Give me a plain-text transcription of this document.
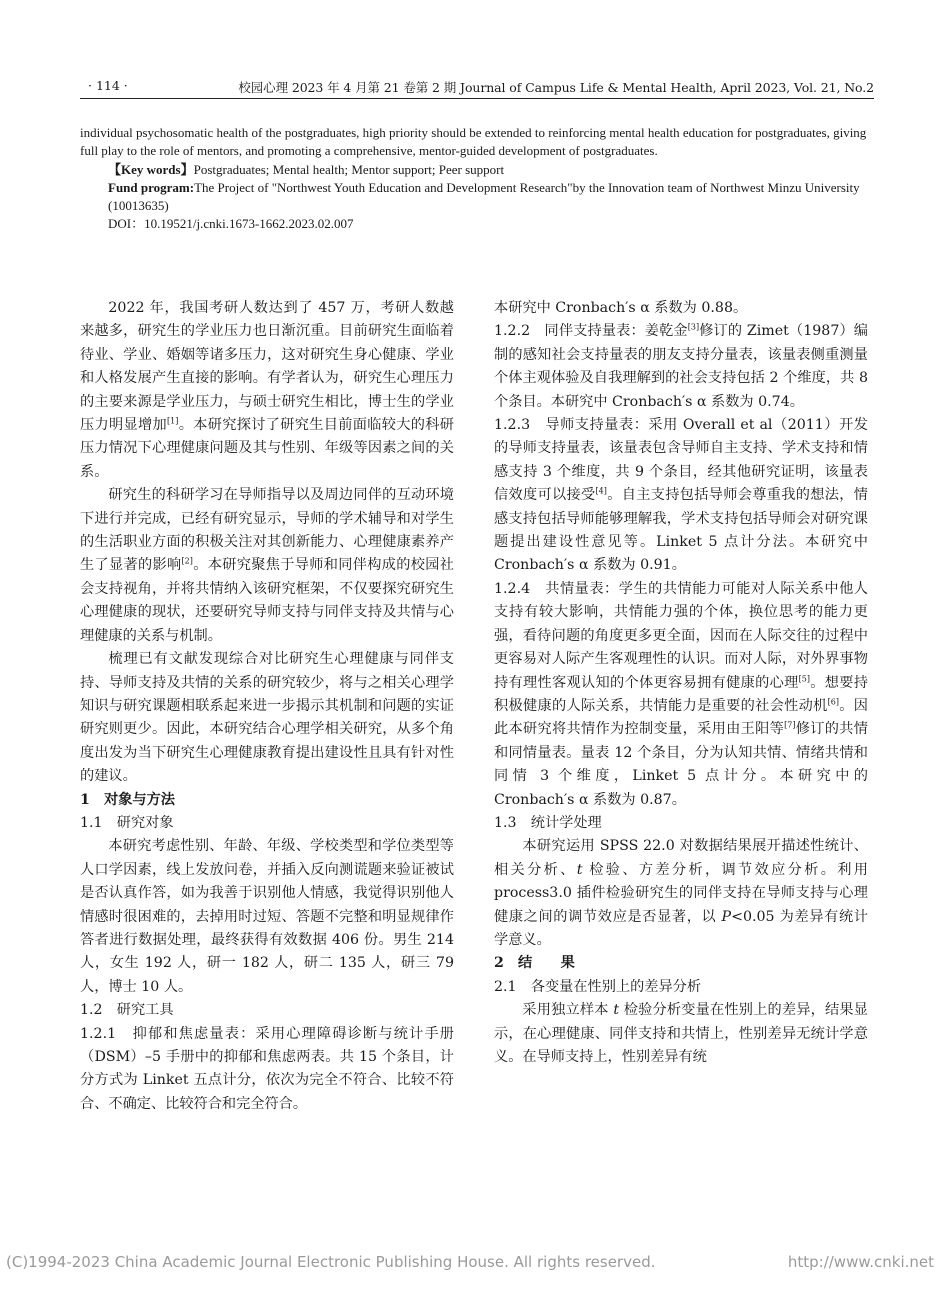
· 114 ·	校园心理 2023 年 4 月第 21 卷第 2 期 Journal of Campus Life & Mental Health, April 2023, Vol. 21, No.2

individual psychosomatic health of the postgraduates, high priority should be extended to reinforcing mental health education for postgraduates, giving full play to the role of mentors, and promoting a comprehensive, mentor-guided development of postgraduates.

【Key words】Postgraduates; Mental health; Mentor support; Peer support

Fund program:The Project of "Northwest Youth Education and Development Research"by the Innovation team of Northwest Minzu University (10013635)

DOI：10.19521/j.cnki.1673-1662.2023.02.007

2022 年，我国考研人数达到了 457 万，考研人数越来越多，研究生的学业压力也日渐沉重。目前研究生面临着待业、学业、婚姻等诸多压力，这对研究生身心健康、学业和人格发展产生直接的影响。有学者认为，研究生心理压力的主要来源是学业压力，与硕士研究生相比，博士生的学业压力明显增加[1]。本研究探讨了研究生目前面临较大的科研压力情况下心理健康问题及其与性别、年级等因素之间的关系。

研究生的科研学习在导师指导以及周边同伴的互动环境下进行并完成，已经有研究显示，导师的学术辅导和对学生的生活职业方面的积极关注对其创新能力、心理健康素养产生了显著的影响[2]。本研究聚焦于导师和同伴构成的校园社会支持视角，并将共情纳入该研究框架，不仅要探究研究生心理健康的现状，还要研究导师支持与同伴支持及共情与心理健康的关系与机制。

梳理已有文献发现综合对比研究生心理健康与同伴支持、导师支持及共情的关系的研究较少，将与之相关心理学知识与研究课题相联系起来进一步揭示其机制和问题的实证研究则更少。因此，本研究结合心理学相关研究，从多个角度出发为当下研究生心理健康教育提出建设性且具有针对性的建议。

1　对象与方法

1.1　研究对象

本研究考虑性别、年龄、年级、学校类型和学位类型等人口学因素，线上发放问卷，并插入反向测谎题来验证被试是否认真作答，如为我善于识别他人情感，我觉得识别他人情感时很困难的，去掉用时过短、答题不完整和明显规律作答者进行数据处理，最终获得有效数据 406 份。男生 214 人，女生 192 人，研一 182 人，研二 135 人，研三 79 人，博士 10 人。

1.2　研究工具

1.2.1　抑郁和焦虑量表：采用心理障碍诊断与统计手册（DSM）–5 手册中的抑郁和焦虑两表。共 15 个条目，计分方式为 Linket 五点计分，依次为完全不符合、比较不符合、不确定、比较符合和完全符合。

本研究中 Cronbach′s α 系数为 0.88。

1.2.2　同伴支持量表：姜乾金[3]修订的 Zimet（1987）编制的感知社会支持量表的朋友支持分量表，该量表侧重测量个体主观体验及自我理解到的社会支持包括 2 个维度，共 8 个条目。本研究中 Cronbach′s α 系数为 0.74。

1.2.3　导师支持量表：采用 Overall et al（2011）开发的导师支持量表，该量表包含导师自主支持、学术支持和情感支持 3 个维度，共 9 个条目，经其他研究证明，该量表信效度可以接受[4]。自主支持包括导师会尊重我的想法，情感支持包括导师能够理解我，学术支持包括导师会对研究课题提出建设性意见等。Linket 5 点计分法。本研究中 Cronbach′s α 系数为 0.91。

1.2.4　共情量表：学生的共情能力可能对人际关系中他人支持有较大影响，共情能力强的个体，换位思考的能力更强，看待问题的角度更多更全面，因而在人际交往的过程中更容易对人际产生客观理性的认识。而对人际，对外界事物持有理性客观认知的个体更容易拥有健康的心理[5]。想要持积极健康的人际关系，共情能力是重要的社会性动机[6]。因此本研究将共情作为控制变量，采用由王阳等[7]修订的共情和同情量表。量表 12 个条目，分为认知共情、情绪共情和同情 3 个维度，Linket 5 点计分。本研究中的 Cronbach′s α 系数为 0.87。

1.3　统计学处理

本研究运用 SPSS 22.0 对数据结果展开描述性统计、相关分析、t 检验、方差分析，调节效应分析。利用 process3.0 插件检验研究生的同伴支持在导师支持与心理健康之间的调节效应是否显著，以 P<0.05 为差异有统计学意义。

2　结　　果

2.1　各变量在性别上的差异分析

采用独立样本 t 检验分析变量在性别上的差异，结果显示，在心理健康、同伴支持和共情上，性别差异无统计学意义。在导师支持上，性别差异有统

(C)1994-2023 China Academic Journal Electronic Publishing House. All rights reserved.	http://www.cnki.net
